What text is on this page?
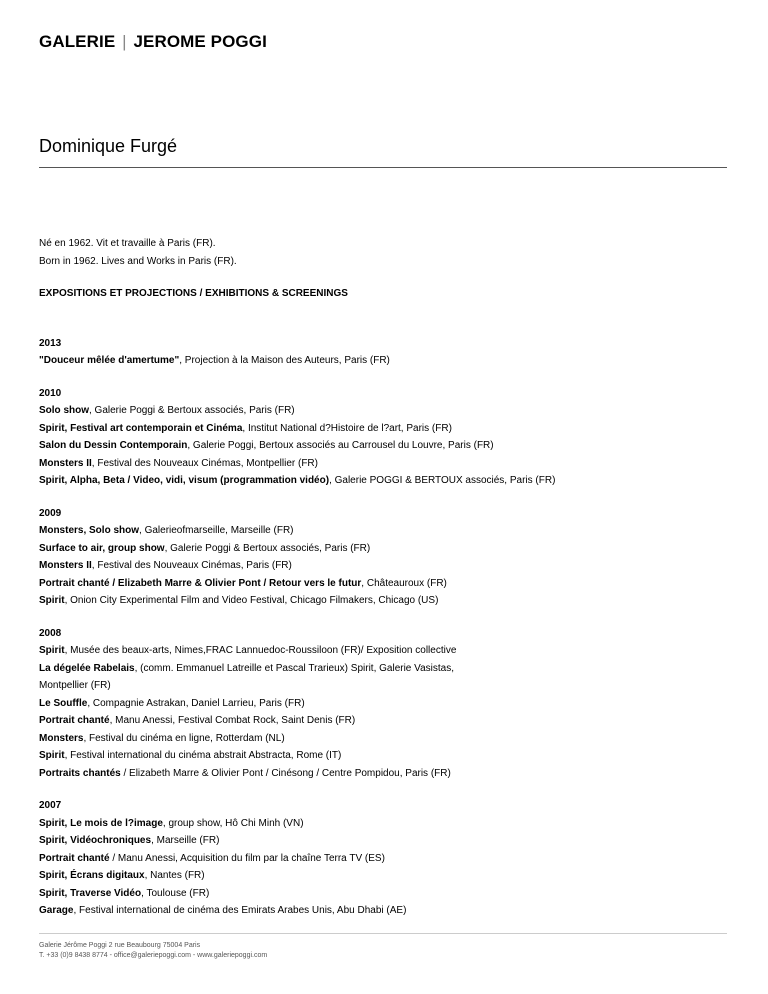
GALERIE | JEROME POGGI
Dominique Furgé
Né en 1962. Vit et travaille à Paris (FR).
Born in 1962. Lives and Works in Paris (FR).
EXPOSITIONS ET PROJECTIONS / EXHIBITIONS & SCREENINGS
2013
"Douceur mêlée d'amertume", Projection à la Maison des Auteurs, Paris (FR)
2010
Solo show, Galerie Poggi & Bertoux associés, Paris (FR)
Spirit, Festival art contemporain et Cinéma, Institut National d?Histoire de l?art, Paris (FR)
Salon du Dessin Contemporain, Galerie Poggi, Bertoux associés au Carrousel du Louvre, Paris (FR)
Monsters II, Festival des Nouveaux Cinémas, Montpellier (FR)
Spirit, Alpha, Beta / Video, vidi, visum (programmation vidéo), Galerie POGGI & BERTOUX associés, Paris (FR)
2009
Monsters, Solo show, Galerieofmarseille, Marseille (FR)
Surface to air, group show, Galerie Poggi & Bertoux associés, Paris (FR)
Monsters II, Festival des Nouveaux Cinémas, Paris (FR)
Portrait chanté / Elizabeth Marre & Olivier Pont / Retour vers le futur, Châteauroux (FR)
Spirit, Onion City Experimental Film and Video Festival, Chicago Filmakers, Chicago (US)
2008
Spirit, Musée des beaux-arts, Nimes,FRAC Lannuedoc-Roussiloon (FR)/ Exposition collective
La dégelée Rabelais, (comm. Emmanuel Latreille et Pascal Trarieux) Spirit, Galerie Vasistas,
Montpellier (FR)
Le Souffle, Compagnie Astrakan, Daniel Larrieu, Paris (FR)
Portrait chanté, Manu Anessi, Festival Combat Rock, Saint Denis (FR)
Monsters, Festival du cinéma en ligne, Rotterdam (NL)
Spirit, Festival international du cinéma abstrait Abstracta, Rome (IT)
Portraits chantés / Elizabeth Marre & Olivier Pont / Cinésong / Centre Pompidou, Paris (FR)
2007
Spirit, Le mois de l?image, group show, Hô Chi Minh (VN)
Spirit, Vidéochroniques, Marseille (FR)
Portrait chanté / Manu Anessi, Acquisition du film par la chaîne Terra TV (ES)
Spirit, Écrans digitaux, Nantes (FR)
Spirit, Traverse Vidéo, Toulouse (FR)
Garage, Festival international de cinéma des Emirats Arabes Unis, Abu Dhabi (AE)
Galerie Jérôme Poggi 2 rue Beaubourg 75004 Paris
T. +33 (0)9 8438 8774 - office@galeriepoggi.com - www.galeriepoggi.com
